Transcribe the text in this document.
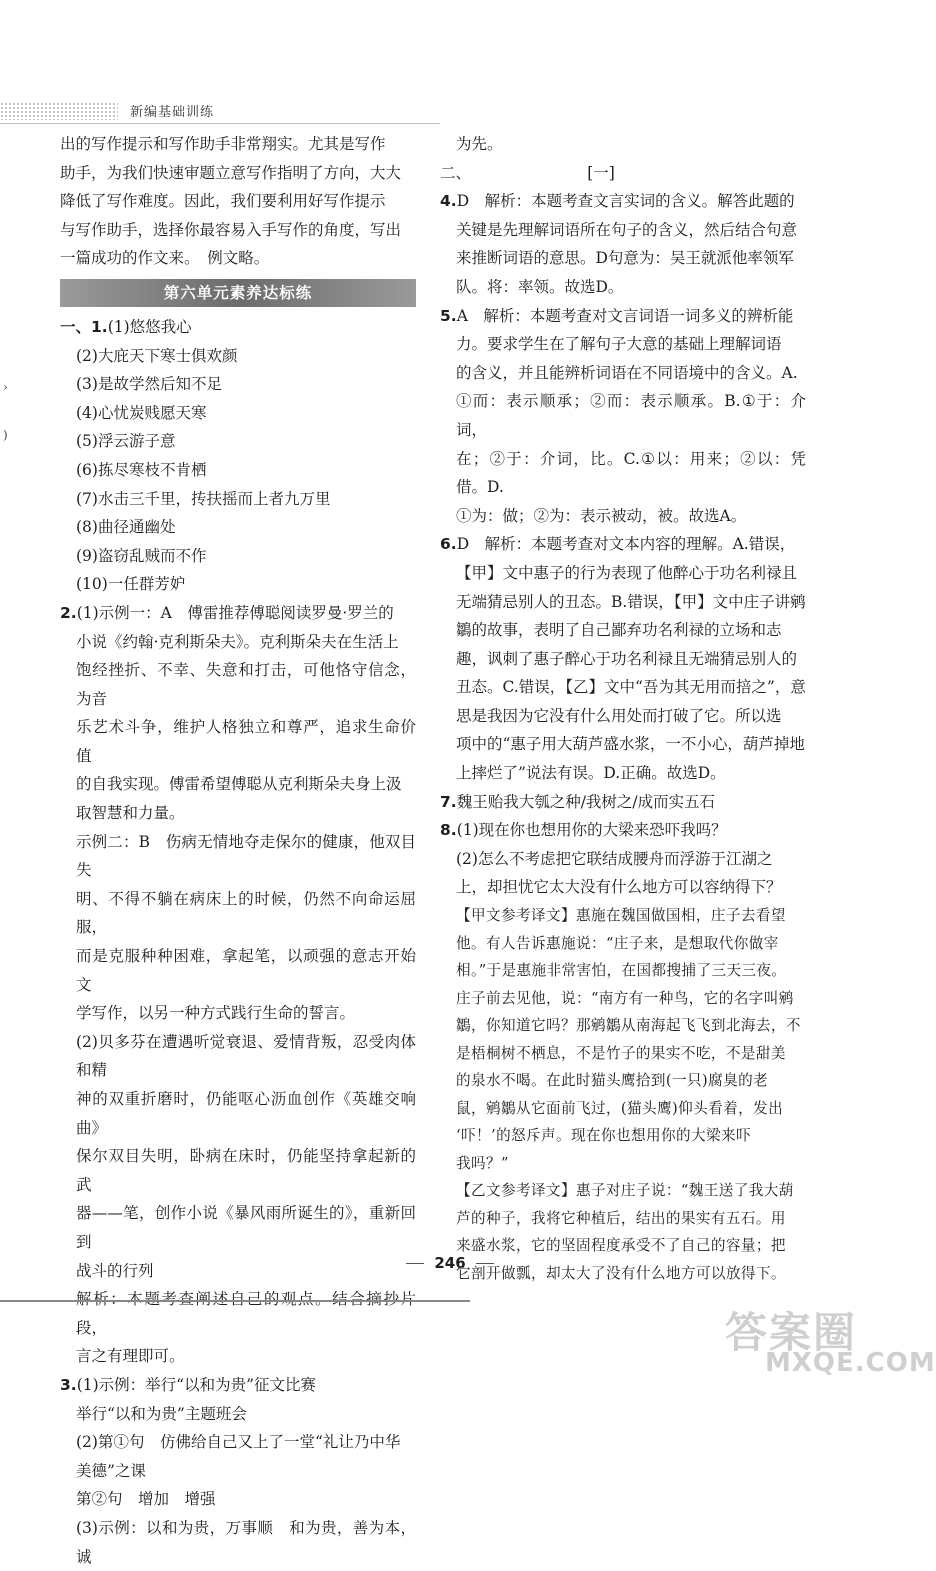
新编基础训练
›
)

出的写作提示和写作助手非常翔实。尤其是写作

助手，为我们快速审题立意写作指明了方向，大大

降低了写作难度。因此，我们要利用好写作提示

与写作助手，选择你最容易入手写作的角度，写出

一篇成功的作文来。　例文略。

第六单元素养达标练

一、1.(1)悠悠我心

(2)大庇天下寒士俱欢颜

(3)是故学然后知不足

(4)心忧炭贱愿天寒

(5)浮云游子意

(6)拣尽寒枝不肯栖

(7)水击三千里，抟扶摇而上者九万里

(8)曲径通幽处

(9)盗窃乱贼而不作

(10)一任群芳妒

2.(1)示例一：A　傅雷推荐傅聪阅读罗曼·罗兰的

小说《约翰·克利斯朵夫》。克利斯朵夫在生活上

饱经挫折、不幸、失意和打击，可他恪守信念，为音

乐艺术斗争，维护人格独立和尊严，追求生命价值

的自我实现。傅雷希望傅聪从克利斯朵夫身上汲

取智慧和力量。

示例二：B　伤病无情地夺走保尔的健康，他双目失

明、不得不躺在病床上的时候，仍然不向命运屈服，

而是克服种种困难，拿起笔，以顽强的意志开始文

学写作，以另一种方式践行生命的誓言。

(2)贝多芬在遭遇听觉衰退、爱情背叛，忍受肉体和精

神的双重折磨时，仍能呕心沥血创作《英雄交响曲》

保尔双目失明，卧病在床时，仍能坚持拿起新的武

器——笔，创作小说《暴风雨所诞生的》，重新回到

战斗的行列

段，

言之有理即可。

3.(1)示例：举行“以和为贵”征文比赛

举行“以和为贵”主题班会

(2)第①句　仿佛给自己又上了一堂“礼让乃中华

美德”之课

第②句　增加　增强

(3)示例：以和为贵，万事顺　和为贵，善为本，诚

为先。

二、　　　　　　　　[一]

4.D　解析：本题考查文言实词的含义。解答此题的

关键是先理解词语所在句子的含义，然后结合句意

来推断词语的意思。D句意为：吴王就派他率领军

队。将：率领。故选D。

5.A　解析：本题考查对文言词语一词多义的辨析能

力。要求学生在了解句子大意的基础上理解词语

的含义，并且能辨析词语在不同语境中的含义。A.

①而：表示顺承；②而：表示顺承。B.①于：介词，

在；②于：介词，比。C.①以：用来；②以：凭借。D.

①为：做；②为：表示被动，被。故选A。

6.D　解析：本题考查对文本内容的理解。A.错误，

【甲】文中惠子的行为表现了他醉心于功名利禄且

无端猜忌别人的丑态。B.错误，【甲】文中庄子讲鹓

鶵的故事，表明了自己鄙弃功名利禄的立场和志

趣，讽刺了惠子醉心于功名利禄且无端猜忌别人的

丑态。C.错误，【乙】文中“吾为其无用而掊之”，意

思是我因为它没有什么用处而打破了它。所以选

项中的“惠子用大葫芦盛水浆，一不小心，葫芦掉地

上摔烂了”说法有误。D.正确。故选D。

7.魏王贻我大瓠之种/我树之/成而实五石

8.(1)现在你也想用你的大梁来恐吓我吗？

(2)怎么不考虑把它联结成腰舟而浮游于江湖之

上，却担忧它太大没有什么地方可以容纳得下？

【甲文参考译文】惠施在魏国做国相，庄子去看望

他。有人告诉惠施说：“庄子来，是想取代你做宰

相。”于是惠施非常害怕，在国都搜捕了三天三夜。

庄子前去见他，说：“南方有一种鸟，它的名字叫鹓

鶵，你知道它吗？那鹓鶵从南海起飞飞到北海去，不

是梧桐树不栖息，不是竹子的果实不吃，不是甜美

的泉水不喝。在此时猫头鹰拾到(一只)腐臭的老

鼠，鹓鶵从它面前飞过，(猫头鹰)仰头看着，发出

‘吓！’的怒斥声。现在你也想用你的大梁来吓

我吗？”

【乙文参考译文】惠子对庄子说：“魏王送了我大葫

芦的种子，我将它种植后，结出的果实有五石。用

来盛水浆，它的坚固程度承受不了自己的容量；把

它剖开做瓢，却太大了没有什么地方可以放得下。

246
答案圈
MXQE.COM
